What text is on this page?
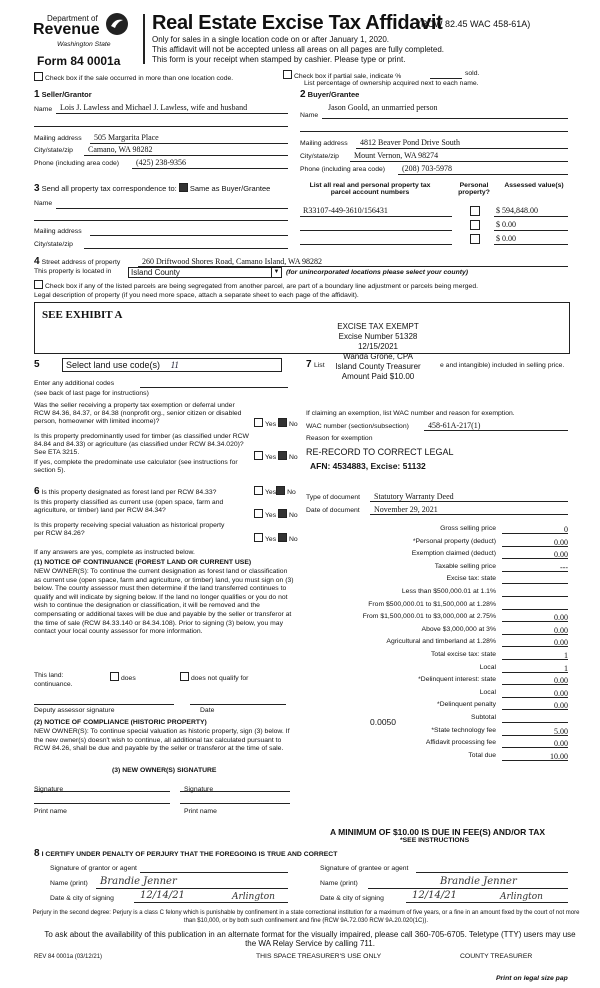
Department of
Revenue
Washington State
Form 84 0001a
Real Estate Excise Tax Affidavit
(RCW 82.45 WAC 458-61A)
Only for sales in a single location code on or after January 1, 2020.
This affidavit will not be accepted unless all areas on all pages are fully completed.
This form is your receipt when stamped by cashier. Please type or print.
Check box if the sale occurred in more than one location code.	Check box if partial sale, indicate %	sold.
List percentage of ownership acquired next to each name.
1 Seller/Grantor
Name Lois J. Lawless and Michael J. Lawless, wife and husband
Mailing address 505 Margarita Place
City/state/zip Camano, WA 98282
Phone (including area code) (425) 238-9356
2 Buyer/Grantee
Name
Jason Goold, an unmarried person
Mailing address 4812 Beaver Pond Drive South
City/state/zip Mount Vernon, WA 98274
Phone (including area code) (208) 703-5978
3 Send all property tax correspondence to: Same as Buyer/Grantee
Name
Mailing address
City/state/zip
List all real and personal property tax parcel account numbers
Personal property?
Assessed value(s)
R33107-449-3610/156431	$ 594,848.00
$ 0.00
$ 0.00
4 Street address of property	260 Driftwood Shores Road, Camano Island, WA 98282
This property is located in	Island County	▼ (for unincorporated locations please select your county)
Check box if any of the listed parcels are being segregated from another parcel, are part of a boundary line adjustment or parcels being merged.
Legal description of property (if you need more space, attach a separate sheet to each page of the affidavit).
SEE EXHIBIT A
EXCISE TAX EXEMPT
Excise Number 51328
12/15/2021
Wanda Grone, CPA
Island County Treasurer
Amount Paid $10.00
5	Select land use code(s) 11	7 List	e and intangible) included in selling price.
Enter any additional codes
(see back of last page for instructions)
Was the seller receiving a property tax exemption or deferral under RCW 84.36, 84.37, or 84.38 (nonprofit org., senior citizen or disabled person, homeowner with limited income)?	Yes No
Is this property predominantly used for timber (as classified under RCW 84.84 and 84.33) or agriculture (as classified under RCW 84.34.020)? See ETA 3215.
Yes No
If yes, complete the predominate use calculator (see instructions for section 5).
If claiming an exemption, list WAC number and reason for exemption.
WAC number (section/subsection) 458-61A-217(1)
Reason for exemption
RE-RECORD TO CORRECT LEGAL
AFN: 4534883, Excise: 51132
6 Is this property designated as forest land per RCW 84.33?	Yes No
Is this property classified as current use (open space, farm and agriculture, or timber) land per RCW 84.34?
Yes No
Is this property receiving special valuation as historical property per RCW 84.26?
Yes No
If any answers are yes, complete as instructed below.
(1) NOTICE OF CONTINUANCE (FOREST LAND OR CURRENT USE)
NEW OWNER(S): To continue the current designation as forest land or classification as current use (open space, farm and agriculture, or timber) land, you must sign on (3) below. The county assessor must then determine if the land transferred continues to qualify and will indicate by signing below. If the land no longer qualifies or you do not wish to continue the designation or classification, it will be removed and the compensating or additional taxes will be due and payable by the seller or transferor at the time of sale (RCW 84.33.140 or 84.34.108). Prior to signing (3) below, you may contact your local county assessor for more information.
This land:	does	does not qualify for
continuance.
Deputy assessor signature	Date
(2) NOTICE OF COMPLIANCE (HISTORIC PROPERTY)
NEW OWNER(S): To continue special valuation as historic property, sign (3) below. If the new owner(s) doesn't wish to continue, all additional tax calculated pursuant to RCW 84.26, shall be due and payable by the seller or transferor at the time of sale.
(3) NEW OWNER(S) SIGNATURE
Signature	Signature
Print name	Print name
Type of document Statutory Warranty Deed
Date of document November 29, 2021
Gross selling price	0
*Personal property (deduct)	0.00
Exemption claimed (deduct)	0.00
Taxable selling price	---
Excise tax: state
Less than $500,000.01 at 1.1%
From $500,000.01 to $1,500,000 at 1.28%
From $1,500,000.01 to $3,000,000 at 2.75%	0.00
Above $3,000,000 at 3%	0.00
Agricultural and timberland at 1.28%	0.00
Total excise tax: state	1
Local	1
*Delinquent interest: state	0.00
Local	0.00
*Delinquent penalty	0.00
Subtotal
*State technology fee	5.00
Affidavit processing fee	0.00
Total due	10.00
0.0050
A MINIMUM OF $10.00 IS DUE IN FEE(S) AND/OR TAX
*SEE INSTRUCTIONS
8 I CERTIFY UNDER PENALTY OF PERJURY THAT THE FOREGOING IS TRUE AND CORRECT
Signature of grantor or agent
Name (print) Brandie Jenner
Date & city of signing	12/14/21	Arlington
Signature of grantee or agent
Name (print)	Brandie Jenner
Date & city of signing	12/14/21	Arlington
Perjury in the second degree: Perjury is a class C felony which is punishable by confinement in a state correctional institution for a maximum of five years, or a fine in an amount fixed by the court of not more than $10,000, or by both such confinement and fine (RCW 9A.72.030 RCW 9A.20.020(1C)).
To ask about the availability of this publication in an alternate format for the visually impaired, please call 360-705-6705. Teletype (TTY) users may use the WA Relay Service by calling 711.
REV 84 0001a (03/12/21)	THIS SPACE TREASURER'S USE ONLY	COUNTY TREASURER
Print on legal size pap
